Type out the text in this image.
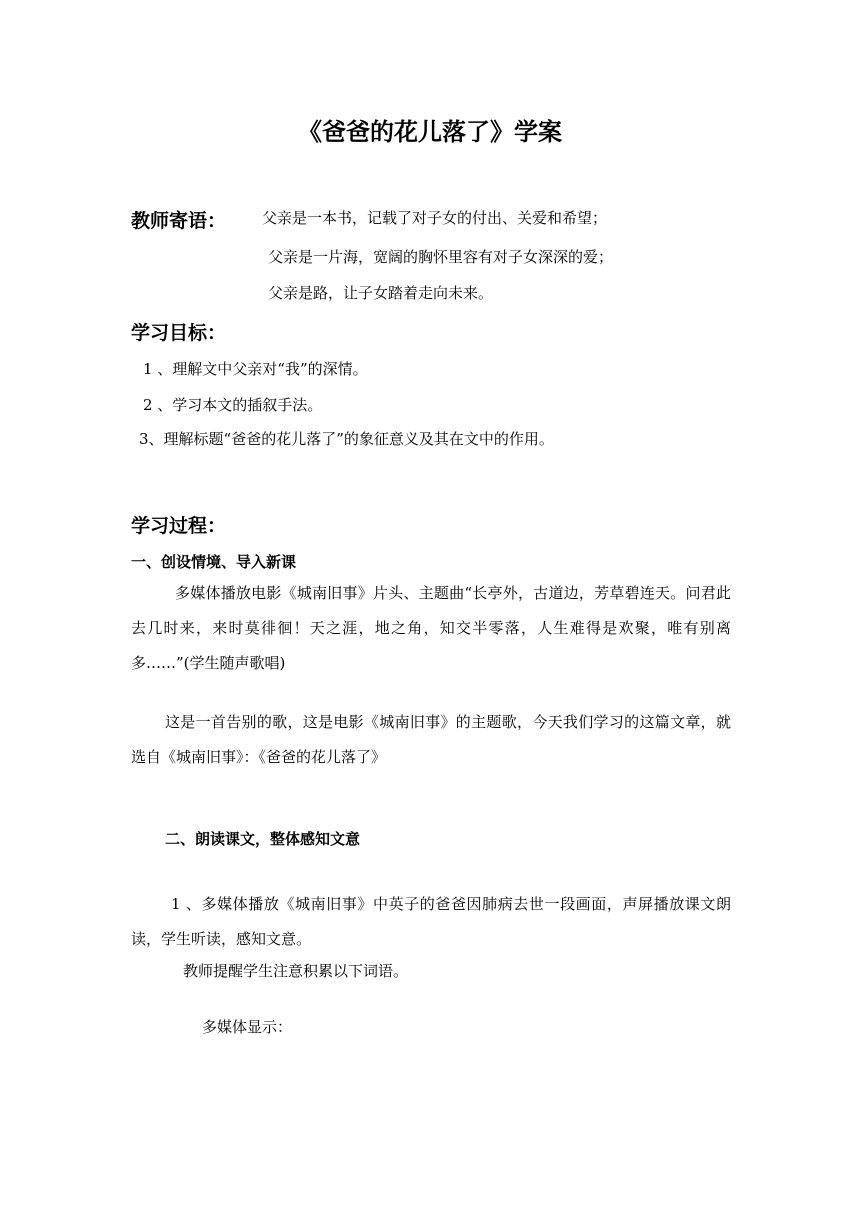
《爸爸的花儿落了》学案
教师寄语： 父亲是一本书，记载了对子女的付出、关爱和希望；
父亲是一片海，宽阔的胸怀里容有对子女深深的爱；
父亲是路，让子女踏着走向未来。
学习目标：
1 、理解文中父亲对“我”的深情。
2 、学习本文的插叙手法。
3、理解标题“爸爸的花儿落了”的象征意义及其在文中的作用。
学习过程：
一、创设情境、导入新课
多媒体播放电影《城南旧事》片头、主题曲“长亭外，古道边，芳草碧连天。问君此去几时来，来时莫徘徊！天之涯，地之角，知交半零落，人生难得是欢聚，唯有别离多……”(学生随声歌唱)
这是一首告别的歌，这是电影《城南旧事》的主题歌，今天我们学习的这篇文章，就选自《城南旧事》：《爸爸的花儿落了》
二、朗读课文，整体感知文意
1 、多媒体播放《城南旧事》中英子的爸爸因肺病去世一段画面，声屏播放课文朗读，学生听读，感知文意。
教师提醒学生注意积累以下词语。
多媒体显示：
